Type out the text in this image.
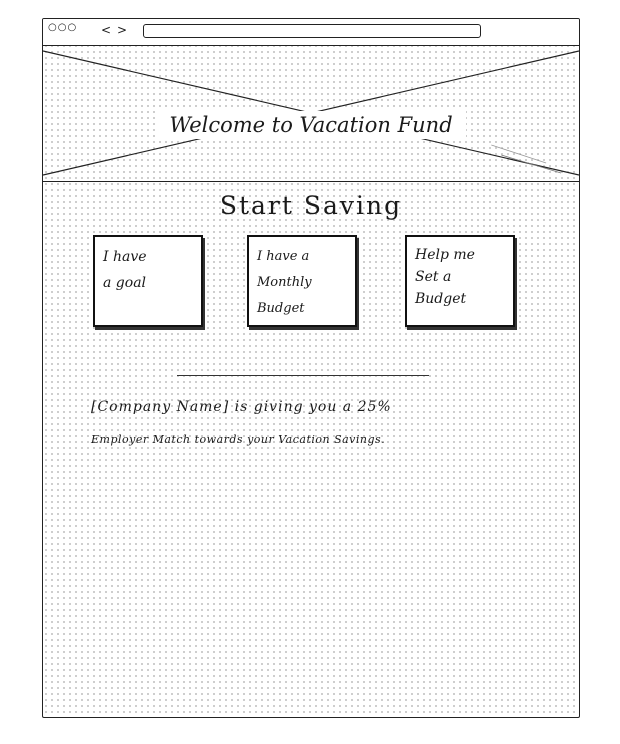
○○○ < >
Welcome to Vacation Fund
Start Saving
I have
a goal
I have a
Monthly Budget
Help me
Set a
Budget
[Company Name] is giving you a 25%
Employer Match towards your Vacation Savings.
